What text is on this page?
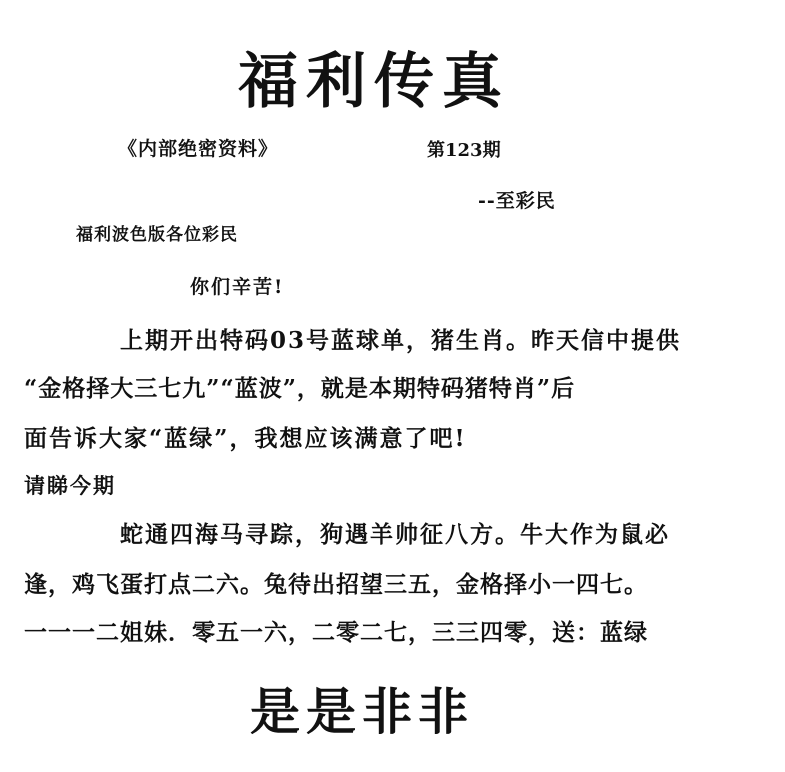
福利传真
《内部绝密资料》	第123期
--至彩民
福利波色版各位彩民
你们辛苦!
上期开出特码03号蓝球单，猪生肖。昨天信中提供
“金格择大三七九”“蓝波”，就是本期特码猪特肖”后
面告诉大家“蓝绿”，我想应该满意了吧!
请睇今期
蛇通四海马寻踪，狗遇羊帅征八方。牛大作为鼠必
逢，鸡飞蛋打点二六。兔待出招望三五，金格择小一四七。
一一一二姐妹．零五一六，二零二七，三三四零，送：蓝绿
是是非非
